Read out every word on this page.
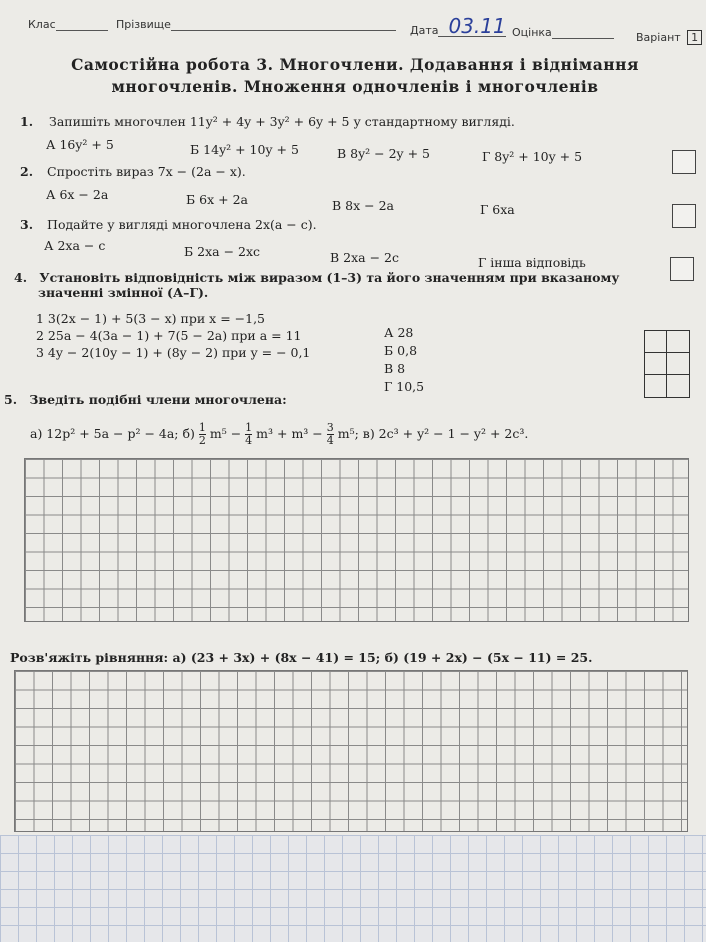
Клас	Прізвище	Дата 03.11 Оцінка	Варіант 1
Самостійна робота 3. Многочлени. Додавання і віднімання
многочленів. Множення одночленів і многочленів
1. Запишіть многочлен 11y² + 4y + 3y² + 6y + 5 у стандартному вигляді.
А 16y² + 5	Б 14y² + 10y + 5	В 8y² − 2y + 5	Г 8y² + 10y + 5
2. Спростіть вираз 7x − (2a − x).
А 6x − 2a	Б 6x + 2a	В 8x − 2a	Г 6xa
3. Подайте у вигляді многочлена 2x(a − c).
А 2xa − c	Б 2xa − 2xc	В 2xa − 2c	Г інша відповідь
4. Установіть відповідність між виразом (1–3) та його значенням при вказаному
значенні змінної (А–Г).
1 3(2x − 1) + 5(3 − x) при x = −1,5
2 25a − 4(3a − 1) + 7(5 − 2a) при a = 11
3 4y − 2(10y − 1) + (8y − 2) при y = − 0,1
А 28
Б 0,8
В 8
Г 10,5
5. Зведіть подібні члени многочлена:
а) 12p² + 5a − p² − 4a; $б) \frac{1}{2} m^5 - \frac{1}{4} m^3 + m^3 - \frac{3}{4} m^5$; в) 2c³ + y² − 1 − y² + 2c³.
Розв'яжіть рівняння: а) (23 + 3x) + (8x − 41) = 15; б) (19 + 2x) − (5x − 11) = 25.
